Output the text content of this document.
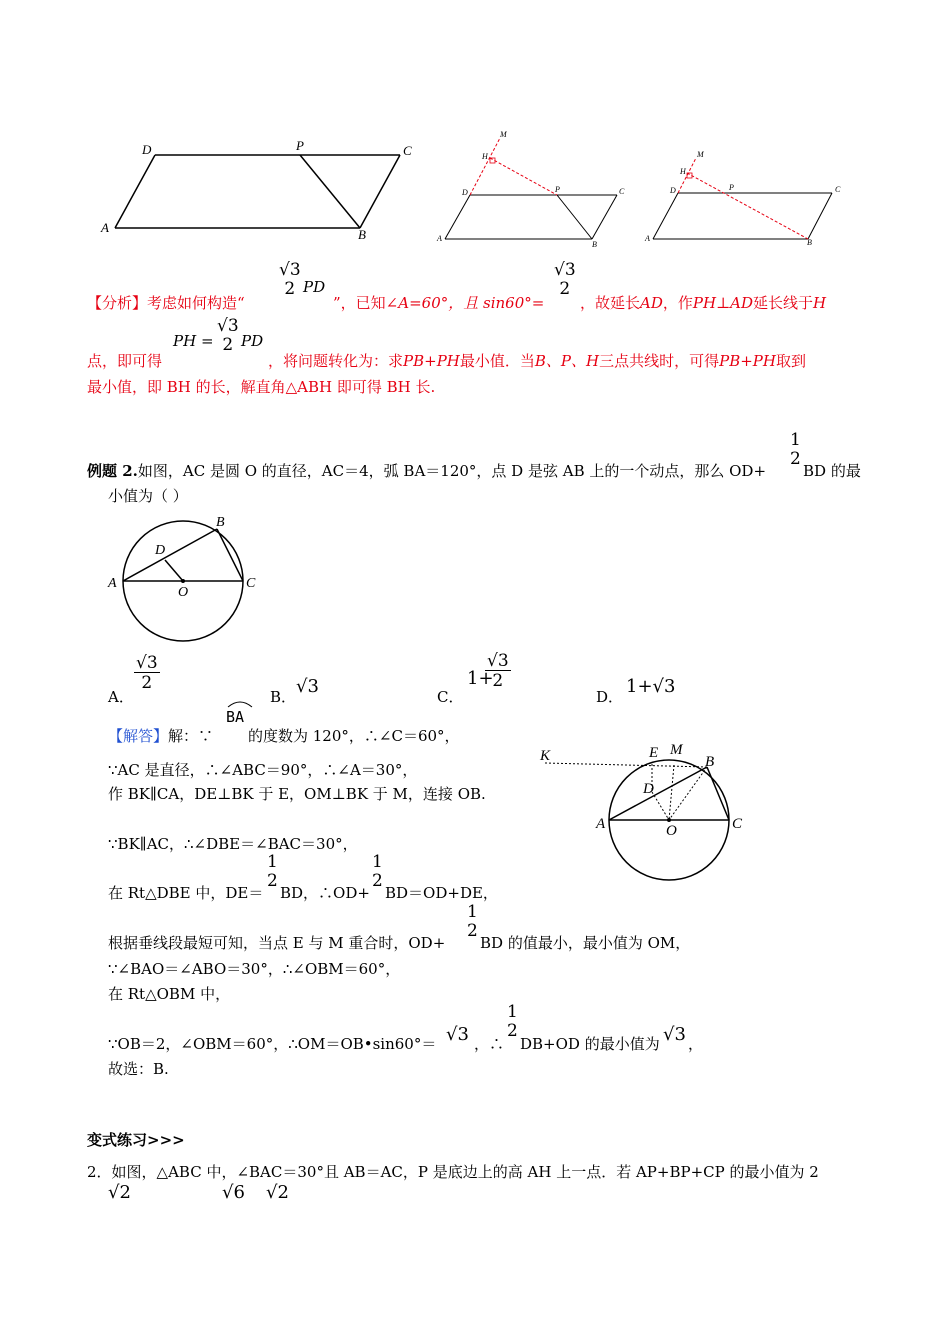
D	P	C
A	B
M
H
D	P	C
A
B
M
H
D	P	C
A	B
【分析】考虑如何构造“
√3
2 PD
”，已知∠A=60°，且 sin60°=
√3
2
，故延长AD，作PH⊥AD延长线于H
点，即可得
PH =
√3
2 PD
，将问题转化为：求PB+PH最小值．当B、P、H三点共线时，可得PB+PH取到
最小值，即 BH 的长，解直角△ABH 即可得 BH 长.
例题 2.如图，AC 是圆 O 的直径，AC＝4，弧 BA＝120°，点 D 是弦 AB 上的一个动点，那么 OD+
1
2
BD 的最
小值为（ ）
B
D
A
O
C
A．
$\frac{√3}{2}$
B． √3	C．
1+
$\frac{√3}{2}$
D． 1+√3
【解答】解：∵
BA
的度数为 120°，∴∠C＝60°，
∵AC 是直径，∴∠ABC＝90°，∴∠A＝30°，
作 BK∥CA，DE⊥BK 于 E，OM⊥BK 于 M，连接 OB.
∵BK∥AC，∴∠DBE＝∠BAC＝30°，
在 Rt△DBE 中，DE＝
1
2
BD，∴OD+
1
2
BD＝OD+DE，
根据垂线段最短可知，当点 E 与 M 重合时，OD+
1
2
BD 的值最小，最小值为 OM，
∵∠BAO＝∠ABO＝30°，∴∠OBM＝60°，
在 Rt△OBM 中，
∵OB＝2，∠OBM＝60°，∴OM＝OB•sin60°＝ √3 ，∴
1
2
DB+OD 的最小值为 √3 ，
故选：B.
K	E M
B
D
A	O	C
变式练习>>>
2．如图，△ABC 中，∠BAC＝30°且 AB＝AC，P 是底边上的高 AH 上一点．若 AP+BP+CP 的最小值为 2
√2	√6 √2
